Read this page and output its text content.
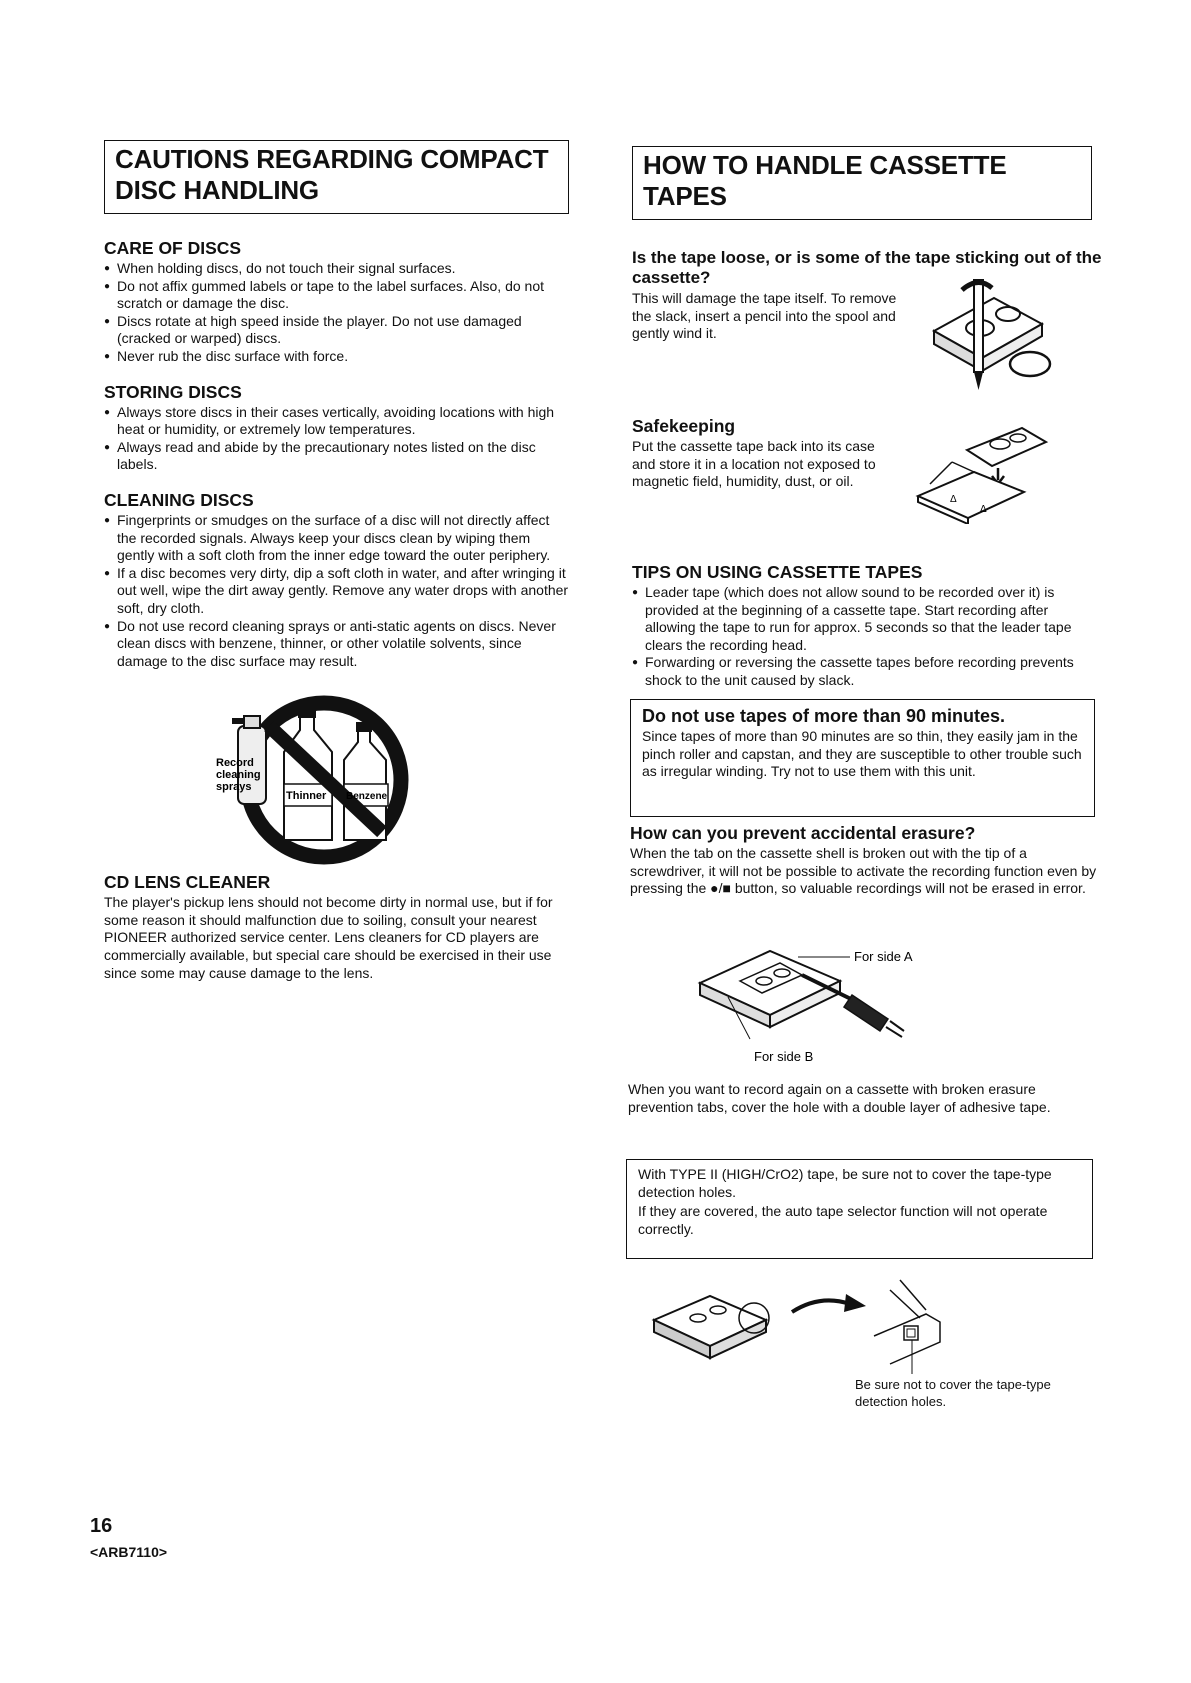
CAUTIONS REGARDING COMPACT DISC HANDLING
CARE OF DISCS
● When holding discs, do not touch their signal surfaces.
● Do not affix gummed labels or tape to the label surfaces. Also, do not scratch or damage the disc.
● Discs rotate at high speed inside the player. Do not use damaged (cracked or warped) discs.
● Never rub the disc surface with force.
STORING DISCS
● Always store discs in their cases vertically, avoiding locations with high heat or humidity, or extremely low temperatures.
● Always read and abide by the precautionary notes listed on the disc labels.
CLEANING DISCS
● Fingerprints or smudges on the surface of a disc will not directly affect the recorded signals. Always keep your discs clean by wiping them gently with a soft cloth from the inner edge toward the outer periphery.
● If a disc becomes very dirty, dip a soft cloth in water, and after wringing it out well, wipe the dirt away gently. Remove any water drops with another soft, dry cloth.
● Do not use record cleaning sprays or anti-static agents on discs. Never clean discs with benzene, thinner, or other volatile solvents, since damage to the disc surface may result.
Record
cleaning
sprays
Thinner Benzene
CD LENS CLEANER

The player's pickup lens should not become dirty in normal use, but if for some reason it should malfunction due to soiling, consult your nearest PIONEER authorized service center. Lens cleaners for CD players are commercially available, but special care should be exercised in their use since some may cause damage to the lens.

16
<ARB7110>
HOW TO HANDLE CASSETTE TAPES
Is the tape loose, or is some of the tape sticking out of the cassette?

This will damage the tape itself. To remove the slack, insert a pencil into the spool and gently wind it.

Safekeeping

Put the cassette tape back into its case and store it in a location not exposed to magnetic field, humidity, dust, or oil.

Δ
Δ
TIPS ON USING CASSETTE TAPES
● Leader tape (which does not allow sound to be recorded over it) is provided at the beginning of a cassette tape. Start recording after allowing the tape to run for approx. 5 seconds so that the leader tape clears the recording head.
● Forwarding or reversing the cassette tapes before recording prevents shock to the unit caused by slack.
Do not use tapes of more than 90 minutes.

Since tapes of more than 90 minutes are so thin, they easily jam in the pinch roller and capstan, and they are susceptible to other trouble such as irregular winding. Try not to use them with this unit.

How can you prevent accidental erasure?

When the tab on the cassette shell is broken out with the tip of a screwdriver, it will not be possible to activate the recording function even by pressing the ●/■ button, so valuable recordings will not be erased in error.

For side A
For side B

When you want to record again on a cassette with broken erasure prevention tabs, cover the hole with a double layer of adhesive tape.

With TYPE II (HIGH/CrO2) tape, be sure not to cover the tape-type detection holes.

If they are covered, the auto tape selector function will not operate correctly.

Be sure not to cover the tape-type detection holes.
